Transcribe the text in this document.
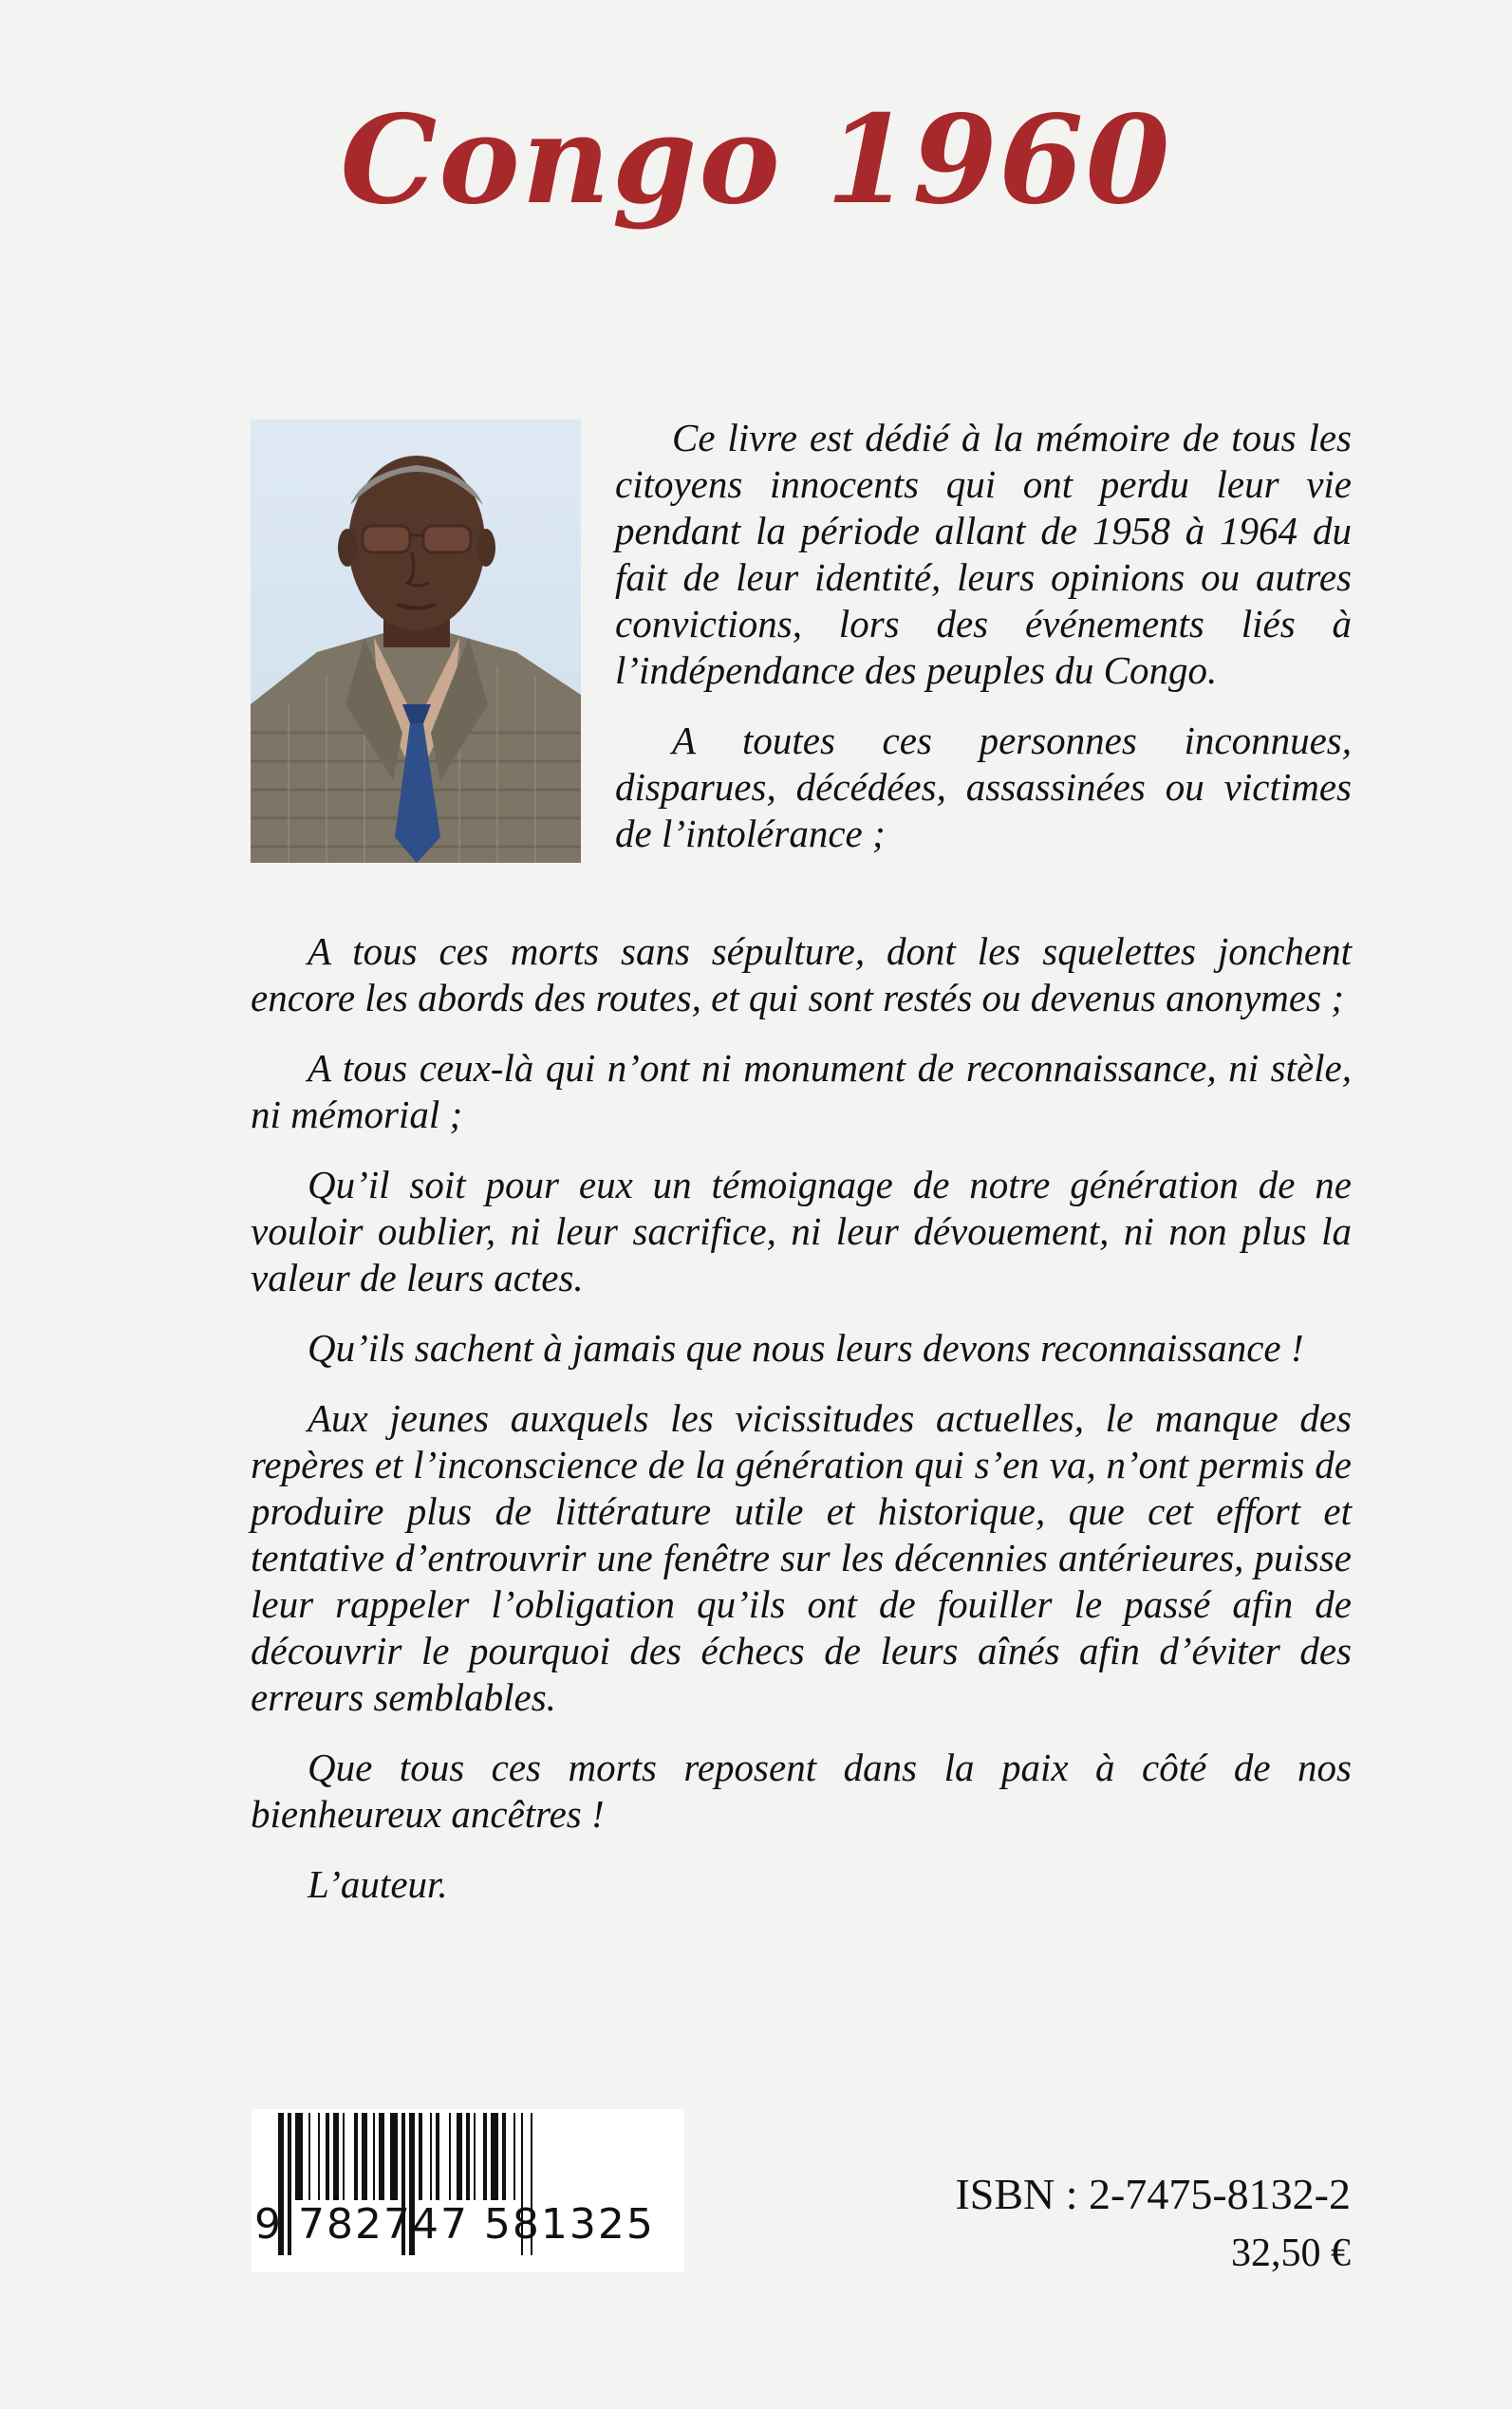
Congo 1960

Ce livre est dédié à la mémoire de tous les citoyens innocents qui ont perdu leur vie pendant la période allant de 1958 à 1964 du fait de leur identité, leurs opinions ou autres convictions, lors des événements liés à l’indépendance des peuples du Congo.

A toutes ces personnes inconnues, disparues, décédées, assassinées ou victimes de l’intolérance ;

A tous ces morts sans sépulture, dont les squelettes jonchent encore les abords des routes, et qui sont restés ou devenus anonymes ;

A tous ceux-là qui n’ont ni monument de reconnaissance, ni stèle, ni mémorial ;

Qu’il soit pour eux un témoignage de notre génération de ne vouloir oublier, ni leur sacrifice, ni leur dévouement, ni non plus la valeur de leurs actes.

Qu’ils sachent à jamais que nous leurs devons reconnaissance !

Aux jeunes auxquels les vicissitudes actuelles, le manque des repères et l’inconscience de la génération qui s’en va, n’ont permis de produire plus de littérature utile et historique, que cet effort et tentative d’entrouvrir une fenêtre sur les décennies antérieures, puisse leur rappeler l’obligation qu’ils ont de fouiller le passé afin de découvrir le pourquoi des échecs de leurs aînés afin d’éviter des erreurs semblables.

Que tous ces morts reposent dans la paix à côté de nos bienheureux ancêtres !

L’auteur.

9 782747 581325
ISBN : 2-7475-8132-2
32,50 €
